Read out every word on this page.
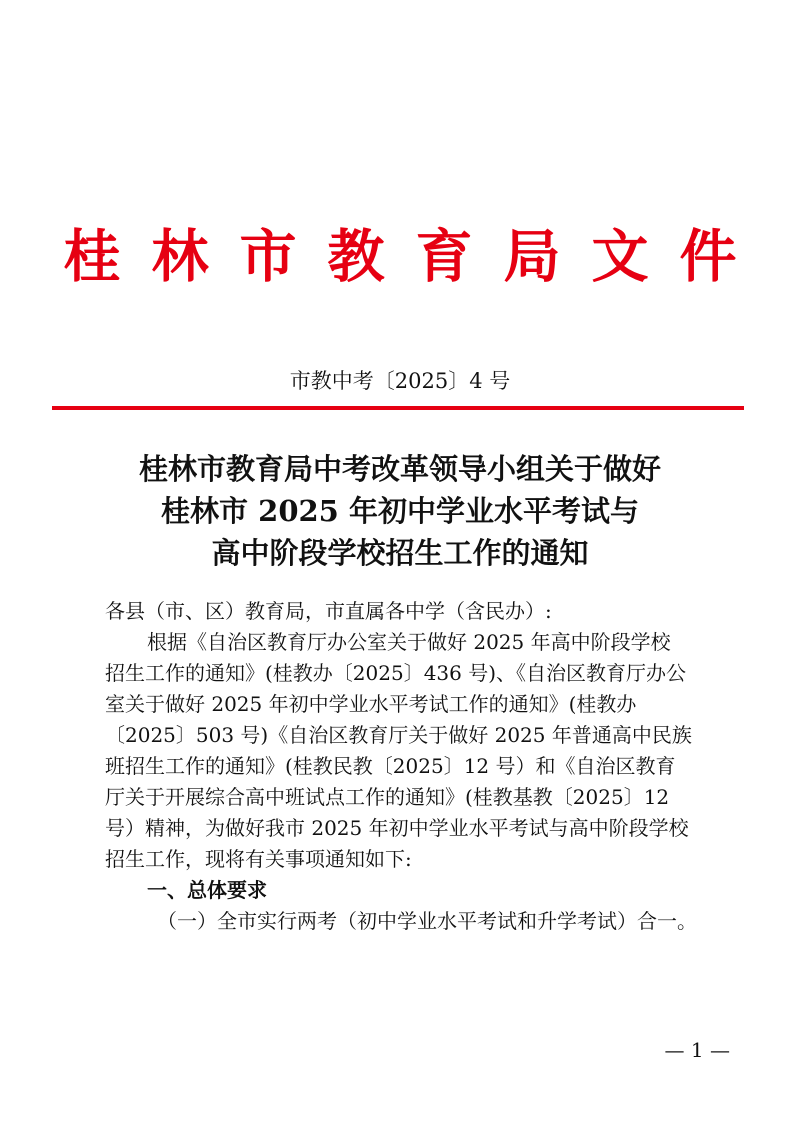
桂林市教育局文件
市教中考〔2025〕4 号
桂林市教育局中考改革领导小组关于做好
桂林市 2025 年初中学业水平考试与
高中阶段学校招生工作的通知
各县（市、区）教育局，市直属各中学（含民办）:
根据《自治区教育厅办公室关于做好 2025 年高中阶段学校
招生工作的通知》(桂教办〔2025〕436 号)、《自治区教育厅办公
室关于做好 2025 年初中学业水平考试工作的通知》(桂教办
〔2025〕503 号)《自治区教育厅关于做好 2025 年普通高中民族
班招生工作的通知》(桂教民教〔2025〕12 号）和《自治区教育
厅关于开展综合高中班试点工作的通知》(桂教基教〔2025〕12
号）精神，为做好我市 2025 年初中学业水平考试与高中阶段学校
招生工作，现将有关事项通知如下:
一、总体要求
（一）全市实行两考（初中学业水平考试和升学考试）合一。
— 1 —
